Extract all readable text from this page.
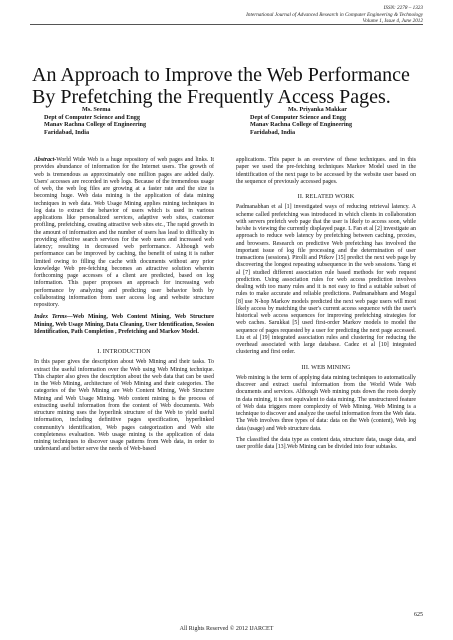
ISSN: 2278 – 1323
International Journal of Advanced Research in Computer Engineering & Technology
Volume 1, Issue 4, June 2012
An Approach to Improve the Web Performance By Prefetching the Frequently Access Pages.
Ms. Seema
Dept of Computer Science and Engg
Manav Rachna College of Engineering
Faridabad, India
Ms. Priyanka Makkar
Dept of Computer Science and Engg
Manav Rachna College of Engineering
Faridabad, India

Abstract-World Wide Web is a huge repository of web pages and links. It provides abundance of information for the Internet users. The growth of web is tremendous as approximately one million pages are added daily. Users' accesses are recorded in web logs. Because of the tremendous usage of web, the web log files are growing at a faster rate and the size is becoming huge. Web data mining is the application of data mining techniques in web data. Web Usage Mining applies mining techniques in log data to extract the behavior of users which is used in various applications like personalized services, adaptive web sites, customer profiling, prefetching, creating attractive web sites etc., The rapid growth in the amount of information and the number of users has lead to difficulty in providing effective search services for the web users and increased web latency; resulting in decreased web performance. Although web performance can be improved by caching, the benefit of using it is rather limited owing to filling the cache with documents without any prior knowledge Web pre-fetching becomes an attractive solution wherein forthcoming page accesses of a client are predicted, based on log information. This paper proposes an approach for increasing web performance by analyzing and predicting user behavior both by collaborating information from user access log and website structure repository.

Index Terms—Web Mining, Web Content Mining, Web Structure Mining, Web Usage Mining, Data Cleaning, User Identification, Session Identification, Path Completion , Prefetching and Markov Model.

I. INTRODUCTION

In this paper gives the description about Web Mining and their tasks. To extract the useful information over the Web using Web Mining technique. This chapter also gives the description about the web data that can be used in the Web Mining, architecture of Web Mining and their categories. The categories of the Web Mining are Web Content Mining, Web Structure Mining and Web Usage Mining. Web content mining is the process of extracting useful information from the content of Web documents. Web structure mining uses the hyperlink structure of the Web to yield useful information, including definitive pages specification, hyperlinked community's identification, Web pages categorization and Web site completeness evaluation. Web usage mining is the application of data mining techniques to discover usage patterns from Web data, in order to understand and better serve the needs of Web-based

applications. This paper is an overview of these techniques. and in this paper we used the pre-fetching techniques Markov Model used in the identification of the next page to be accessed by the website user based on the sequence of previously accessed pages.

II. RELATED WORK

Padmanabhan et al [1] investigated ways of reducing retrieval latency. A scheme called prefetching was introduced in which clients in collaboration with servers prefetch web page that the user is likely to access soon, while he/she is viewing the currently displayed page. L Fan et al [2] investigate an approach to reduce web latency by prefetching between caching, proxies, and browsers. Research on predictive Web prefetching has involved the important issue of log file processing and the determination of user transactions (sessions). Pirolli and Pitkov [15] predict the next web page by discovering the longest repeating subsequence in the web sessions. Yang et al [7] studied different association rule based methods for web request prediction. Using association rules for web access prediction involves dealing with too many rules and it is not easy to find a suitable subset of rules to make accurate and reliable predictions. Padmanabham and Mogul [8] use N-hop Markov models predicted the next web page users will most likely access by matching the user's current access sequence with the user's historical web access sequences for improving prefetching strategies for web caches. Sarukkai [5] used first-order Markov models to model the sequence of pages requested by a user for predicting the next page accessed. Liu et al [19] integrated association rules and clustering for reducing the overhead associated with large database. Cadez et al [10] integrated clustering and first order.

III. WEB MINING

Web mining is the term of applying data mining techniques to automatically discover and extract useful information from the World Wide Web documents and services. Although Web mining puts down the roots deeply in data mining, it is not equivalent to data mining. The unstructured feature of Web data triggers more complexity of Web Mining. Web Mining is a technique to discover and analyze the useful information from the Web data. The Web involves three types of data: data on the Web (content), Web log data (usage) and Web structure data.

The classified the data type as content data, structure data, usage data, and user profile data [13].Web Mining can be divided into four subtasks.

625
All Rights Reserved © 2012 IJARCET
